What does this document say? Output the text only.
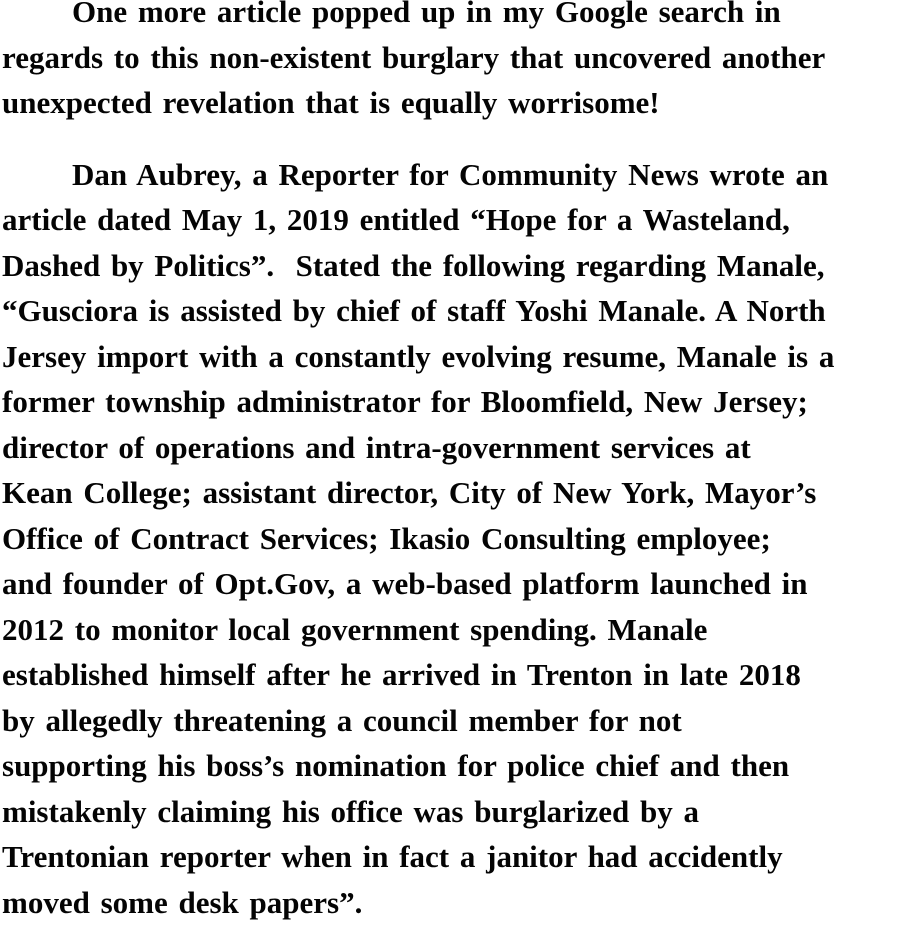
One more article popped up in my Google search in
regards to this non-existent burglary that uncovered another
unexpected revelation that is equally worrisome!
Dan Aubrey, a Reporter for Community News wrote an
article dated May 1, 2019 entitled “Hope for a Wasteland,
Dashed by Politics”.  Stated the following regarding Manale,
“Gusciora is assisted by chief of staff Yoshi Manale. A North
Jersey import with a constantly evolving resume, Manale is a
former township administrator for Bloomfield, New Jersey;
director of operations and intra-government services at
Kean College; assistant director, City of New York, Mayor’s
Office of Contract Services; Ikasio Consulting employee;
and founder of Opt.Gov, a web-based platform launched in
2012 to monitor local government spending. Manale
established himself after he arrived in Trenton in late 2018
by allegedly threatening a council member for not
supporting his boss’s nomination for police chief and then
mistakenly claiming his office was burglarized by a
Trentonian reporter when in fact a janitor had accidently
moved some desk papers”.
